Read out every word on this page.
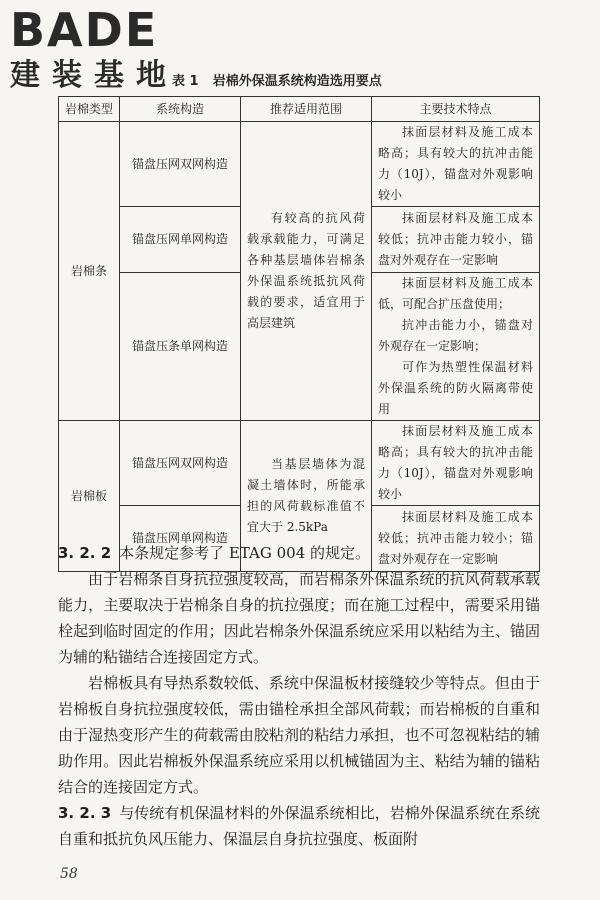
BADE
建装基地
表 1 岩棉外保温系统构造选用要点
岩棉类型	系统构造	推荐适用范围	主要技术特点
岩棉条	锚盘压网双网构造	有较高的抗风荷载承载能力，可满足各种基层墙体岩棉条外保温系统抵抗风荷载的要求，适宜用于高层建筑	抹面层材料及施工成本略高；具有较大的抗冲击能力（10J），锚盘对外观影响较小

	锚盘压网单网构造		抹面层材料及施工成本较低；抗冲击能力较小，锚盘对外观存在一定影响

	锚盘压条单网构造		抹面层材料及施工成本低，可配合扩压盘使用；

抗冲击能力小，锚盘对外观存在一定影响；

可作为热塑性保温材料外保温系统的防火隔离带使用

岩棉板	锚盘压网双网构造	当基层墙体为混凝土墙体时，所能承担的风荷载标准值不宜大于 2.5kPa	抹面层材料及施工成本略高；具有较大的抗冲击能力（10J），锚盘对外观影响较小

	锚盘压网单网构造		抹面层材料及施工成本较低；抗冲击能力较小；锚盘对外观存在一定影响

3. 2. 2 本条规定参考了 ETAG 004 的规定。

由于岩棉条自身抗拉强度较高，而岩棉条外保温系统的抗风荷载承载能力，主要取决于岩棉条自身的抗拉强度；而在施工过程中，需要采用锚栓起到临时固定的作用；因此岩棉条外保温系统应采用以粘结为主、锚固为辅的粘锚结合连接固定方式。

岩棉板具有导热系数较低、系统中保温板材接缝较少等特点。但由于岩棉板自身抗拉强度较低，需由锚栓承担全部风荷载；而岩棉板的自重和由于湿热变形产生的荷载需由胶粘剂的粘结力承担，也不可忽视粘结的辅助作用。因此岩棉板外保温系统应采用以机械锚固为主、粘结为辅的锚粘结合的连接固定方式。

3. 2. 3 与传统有机保温材料的外保温系统相比，岩棉外保温系统在系统自重和抵抗负风压能力、保温层自身抗拉强度、板面附

58
